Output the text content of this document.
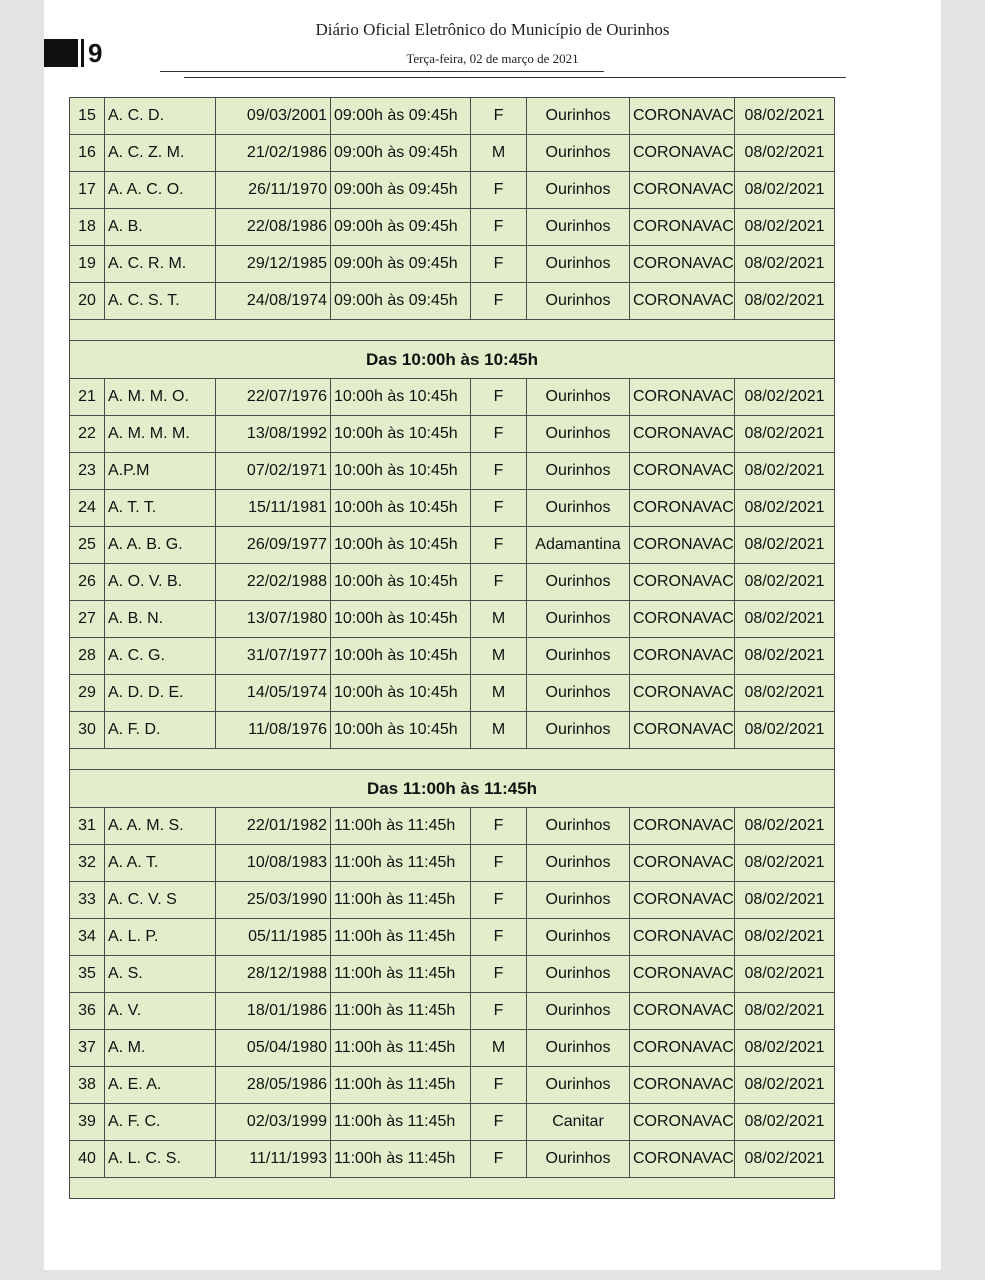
9
Diário Oficial Eletrônico do Município de Ourinhos
Terça-feira, 02 de março de 2021
15	A. C. D.	09/03/2001	09:00h às 09:45h	F	Ourinhos	CORONAVAC	08/02/2021
16	A. C. Z. M.	21/02/1986	09:00h às 09:45h	M	Ourinhos	CORONAVAC	08/02/2021
17	A. A. C. O.	26/11/1970	09:00h às 09:45h	F	Ourinhos	CORONAVAC	08/02/2021
18	A. B.	22/08/1986	09:00h às 09:45h	F	Ourinhos	CORONAVAC	08/02/2021
19	A. C. R. M.	29/12/1985	09:00h às 09:45h	F	Ourinhos	CORONAVAC	08/02/2021
20	A. C. S. T.	24/08/1974	09:00h às 09:45h	F	Ourinhos	CORONAVAC	08/02/2021

Das 10:00h às 10:45h							
21	A. M. M. O.	22/07/1976	10:00h às 10:45h	F	Ourinhos	CORONAVAC	08/02/2021
22	A. M. M. M.	13/08/1992	10:00h às 10:45h	F	Ourinhos	CORONAVAC	08/02/2021
23	A.P.M	07/02/1971	10:00h às 10:45h	F	Ourinhos	CORONAVAC	08/02/2021
24	A. T. T.	15/11/1981	10:00h às 10:45h	F	Ourinhos	CORONAVAC	08/02/2021
25	A. A. B. G.	26/09/1977	10:00h às 10:45h	F	Adamantina	CORONAVAC	08/02/2021
26	A. O. V. B.	22/02/1988	10:00h às 10:45h	F	Ourinhos	CORONAVAC	08/02/2021
27	A. B. N.	13/07/1980	10:00h às 10:45h	M	Ourinhos	CORONAVAC	08/02/2021
28	A. C. G.	31/07/1977	10:00h às 10:45h	M	Ourinhos	CORONAVAC	08/02/2021
29	A. D. D. E.	14/05/1974	10:00h às 10:45h	M	Ourinhos	CORONAVAC	08/02/2021
30	A. F. D.	11/08/1976	10:00h às 10:45h	M	Ourinhos	CORONAVAC	08/02/2021

Das 11:00h às 11:45h							
31	A. A. M. S.	22/01/1982	11:00h às 11:45h	F	Ourinhos	CORONAVAC	08/02/2021
32	A. A. T.	10/08/1983	11:00h às 11:45h	F	Ourinhos	CORONAVAC	08/02/2021
33	A. C. V. S	25/03/1990	11:00h às 11:45h	F	Ourinhos	CORONAVAC	08/02/2021
34	A. L. P.	05/11/1985	11:00h às 11:45h	F	Ourinhos	CORONAVAC	08/02/2021
35	A. S.	28/12/1988	11:00h às 11:45h	F	Ourinhos	CORONAVAC	08/02/2021
36	A. V.	18/01/1986	11:00h às 11:45h	F	Ourinhos	CORONAVAC	08/02/2021
37	A. M.	05/04/1980	11:00h às 11:45h	M	Ourinhos	CORONAVAC	08/02/2021
38	A. E. A.	28/05/1986	11:00h às 11:45h	F	Ourinhos	CORONAVAC	08/02/2021
39	A. F. C.	02/03/1999	11:00h às 11:45h	F	Canitar	CORONAVAC	08/02/2021
40	A. L. C. S.	11/11/1993	11:00h às 11:45h	F	Ourinhos	CORONAVAC	08/02/2021
